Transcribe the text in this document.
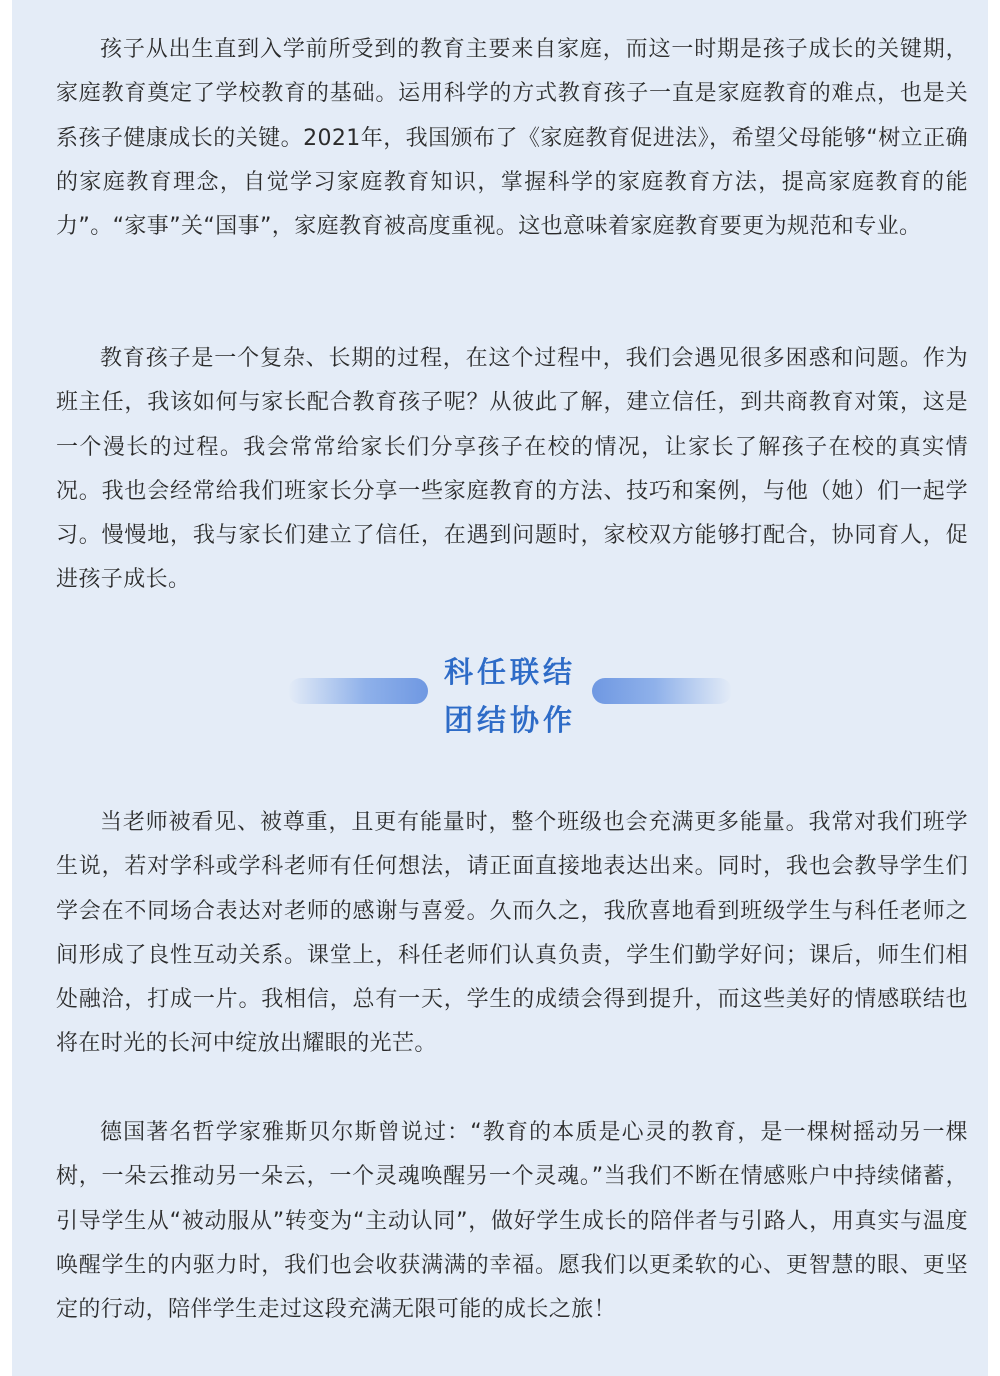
孩子从出生直到入学前所受到的教育主要来自家庭，而这一时期是孩子成长的关键期，家庭教育奠定了学校教育的基础。运用科学的方式教育孩子一直是家庭教育的难点，也是关系孩子健康成长的关键。2021年，我国颁布了《家庭教育促进法》，希望父母能够“树立正确的家庭教育理念，自觉学习家庭教育知识，掌握科学的家庭教育方法，提高家庭教育的能力”。“家事”关“国事”，家庭教育被高度重视。这也意味着家庭教育要更为规范和专业。

教育孩子是一个复杂、长期的过程，在这个过程中，我们会遇见很多困惑和问题。作为班主任，我该如何与家长配合教育孩子呢？从彼此了解，建立信任，到共商教育对策，这是一个漫长的过程。我会常常给家长们分享孩子在校的情况，让家长了解孩子在校的真实情况。我也会经常给我们班家长分享一些家庭教育的方法、技巧和案例，与他（她）们一起学习。慢慢地，我与家长们建立了信任，在遇到问题时，家校双方能够打配合，协同育人，促进孩子成长。

科任联结
团结协作

当老师被看见、被尊重，且更有能量时，整个班级也会充满更多能量。我常对我们班学生说，若对学科或学科老师有任何想法，请正面直接地表达出来。同时，我也会教导学生们学会在不同场合表达对老师的感谢与喜爱。久而久之，我欣喜地看到班级学生与科任老师之间形成了良性互动关系。课堂上，科任老师们认真负责，学生们勤学好问；课后，师生们相处融洽，打成一片。我相信，总有一天，学生的成绩会得到提升，而这些美好的情感联结也将在时光的长河中绽放出耀眼的光芒。

德国著名哲学家雅斯贝尔斯曾说过：“教育的本质是心灵的教育，是一棵树摇动另一棵树，一朵云推动另一朵云，一个灵魂唤醒另一个灵魂。”当我们不断在情感账户中持续储蓄，引导学生从“被动服从”转变为“主动认同”，做好学生成长的陪伴者与引路人，用真实与温度唤醒学生的内驱力时，我们也会收获满满的幸福。愿我们以更柔软的心、更智慧的眼、更坚定的行动，陪伴学生走过这段充满无限可能的成长之旅！
